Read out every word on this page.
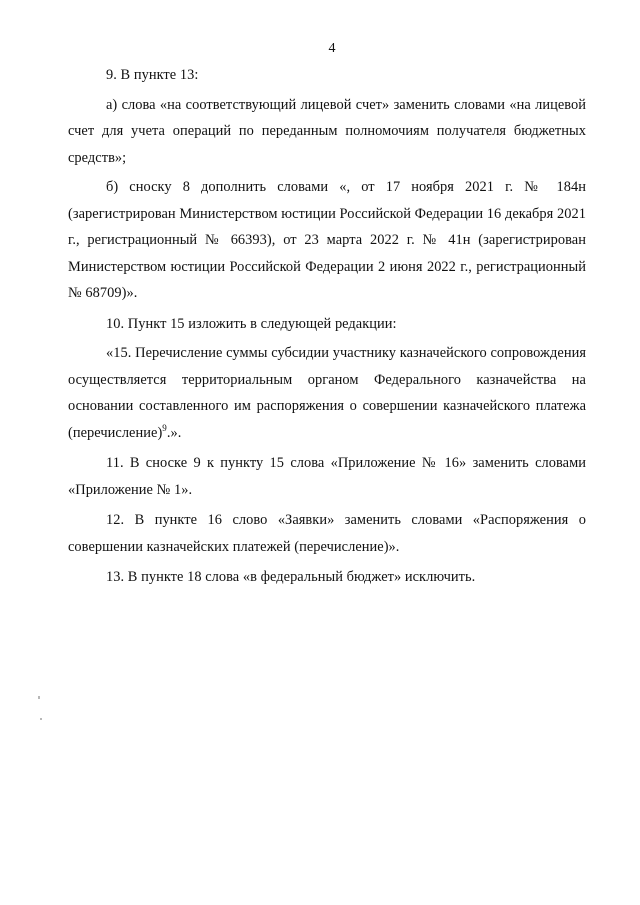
4

9. В пункте 13:

а) слова «на соответствующий лицевой счет» заменить словами «на лицевой счет для учета операций по переданным полномочиям получателя бюджетных средств»;

б) сноску 8 дополнить словами «, от 17 ноября 2021 г. № 184н (зарегистрирован Министерством юстиции Российской Федерации 16 декабря 2021 г., регистрационный № 66393), от 23 марта 2022 г. № 41н (зарегистрирован Министерством юстиции Российской Федерации 2 июня 2022 г., регистрационный № 68709)».

10. Пункт 15 изложить в следующей редакции:

«15. Перечисление суммы субсидии участнику казначейского сопровождения осуществляется территориальным органом Федерального казначейства на основании составленного им распоряжения о совершении казначейского платежа (перечисление)$^9$.».

11. В сноске 9 к пункту 15 слова «Приложение № 16» заменить словами «Приложение № 1».

12. В пункте 16 слово «Заявки» заменить словами «Распоряжения о совершении казначейских платежей (перечисление)».

13. В пункте 18 слова «в федеральный бюджет» исключить.
